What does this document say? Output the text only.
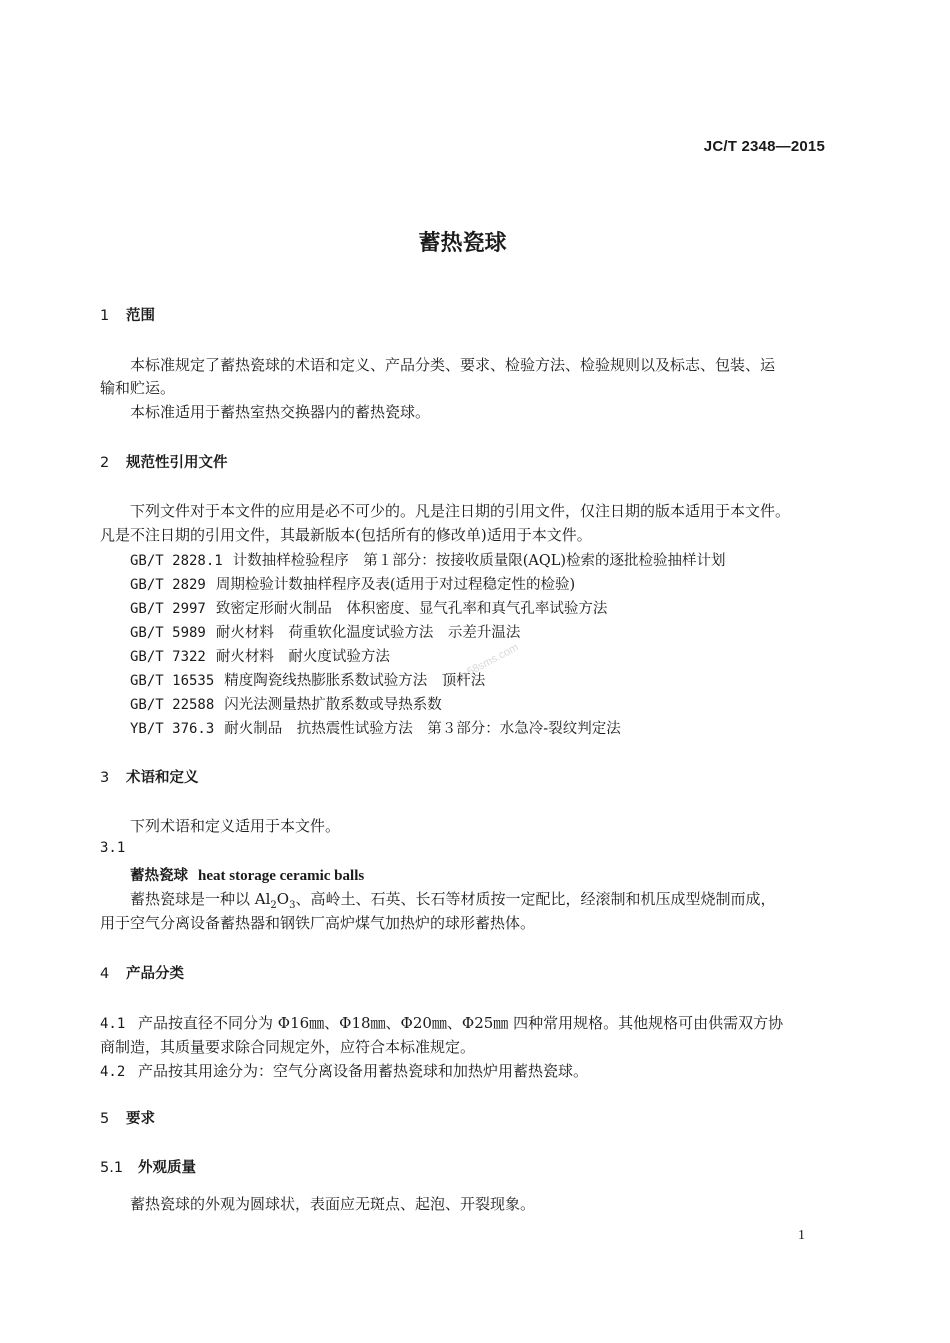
JC/T 2348—2015
蓄热瓷球
www.58sms.com
1 范围
本标准规定了蓄热瓷球的术语和定义、产品分类、要求、检验方法、检验规则以及标志、包装、运
输和贮运。
本标准适用于蓄热室热交换器内的蓄热瓷球。
2 规范性引用文件
下列文件对于本文件的应用是必不可少的。凡是注日期的引用文件，仅注日期的版本适用于本文件。
凡是不注日期的引用文件，其最新版本(包括所有的修改单)适用于本文件。
GB/T 2828.1 计数抽样检验程序　第１部分：按接收质量限(AQL)检索的逐批检验抽样计划
GB/T 2829 周期检验计数抽样程序及表(适用于对过程稳定性的检验)
GB/T 2997 致密定形耐火制品　体积密度、显气孔率和真气孔率试验方法
GB/T 5989 耐火材料　荷重软化温度试验方法　示差升温法
GB/T 7322 耐火材料　耐火度试验方法
GB/T 16535 精度陶瓷线热膨胀系数试验方法　顶杆法
GB/T 22588 闪光法测量热扩散系数或导热系数
YB/T 376.3 耐火制品　抗热震性试验方法　第３部分：水急冷-裂纹判定法
3 术语和定义
下列术语和定义适用于本文件。
3.1
蓄热瓷球 heat storage ceramic balls
蓄热瓷球是一种以 $Al_2O_3$、高岭土、石英、长石等材质按一定配比，经滚制和机压成型烧制而成，
用于空气分离设备蓄热器和钢铁厂高炉煤气加热炉的球形蓄热体。
4 产品分类
4.1 产品按直径不同分为 Φ16㎜、Φ18㎜、Φ20㎜、Φ25㎜ 四种常用规格。其他规格可由供需双方协
商制造，其质量要求除合同规定外，应符合本标准规定。
4.2 产品按其用途分为：空气分离设备用蓄热瓷球和加热炉用蓄热瓷球。
5 要求
5.1 外观质量
蓄热瓷球的外观为圆球状，表面应无斑点、起泡、开裂现象。
1
